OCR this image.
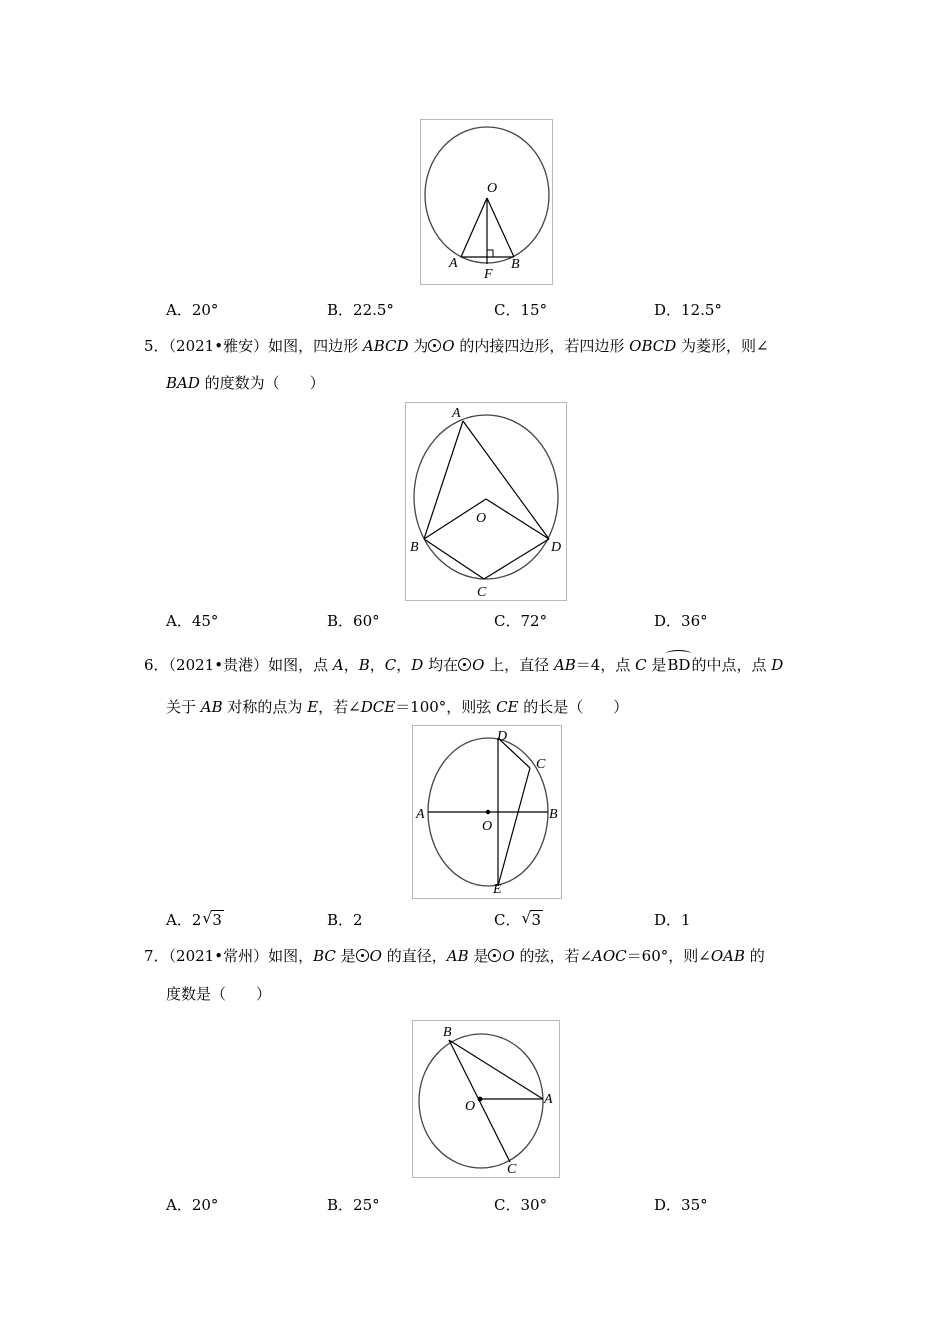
O
A	B
F
A．20°	B．22.5°	C．15°	D．12.5°
5．（2021•雅安）如图，四边形 ABCD 为 O 的内接四边形，若四边形 OBCD 为菱形，则∠
BAD 的度数为（　　）
A
B
C
D
O
A．45°	B．60°	C．72°	D．36°
6．（2021•贵港）如图，点 A，B，C，D 均在 O 上，直径 AB＝4，点 C 是BD的中点，点 D
关于 AB 对称的点为 E，若∠DCE＝100°，则弦 CE 的长是（　　）
A	B
C
D
E
O
A．2 √ 3	B．2	C． √ 3	D．1
7．（2021•常州）如图，BC 是 O 的直径，AB 是 O 的弦，若∠AOC＝60°，则∠OAB 的
度数是（　　）
B
A
C
O
A．20°	B．25°	C．30°	D．35°
